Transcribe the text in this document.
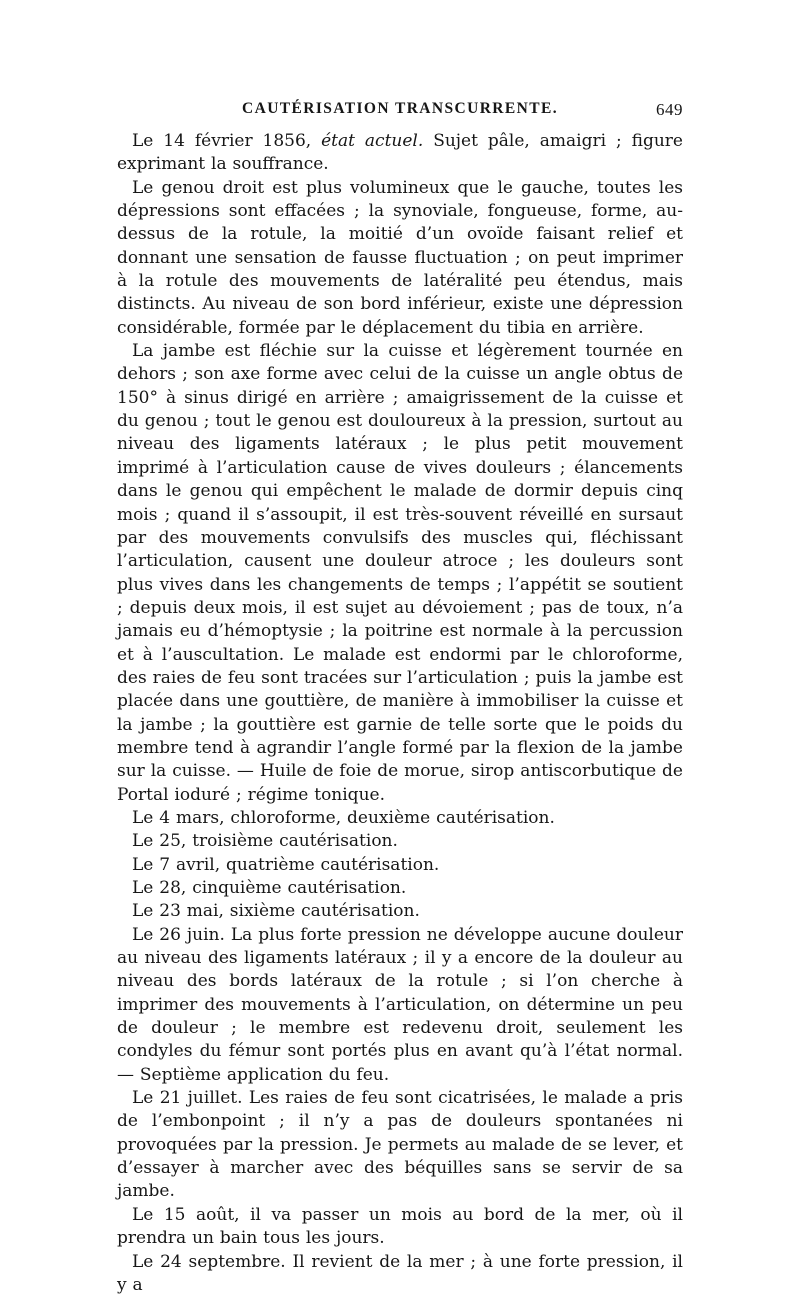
CAUTÉRISATION TRANSCURRENTE.	649

Le 14 février 1856, état actuel. Sujet pâle, amaigri ; figure exprimant la souffrance.

Le genou droit est plus volumineux que le gauche, toutes les dépressions sont effacées ; la synoviale, fongueuse, forme, au-dessus de la rotule, la moitié d’un ovoïde faisant relief et donnant une sensation de fausse fluctuation ; on peut imprimer à la rotule des mouvements de latéralité peu étendus, mais distincts. Au niveau de son bord inférieur, existe une dépression considérable, formée par le déplacement du tibia en arrière.

La jambe est fléchie sur la cuisse et légèrement tournée en dehors ; son axe forme avec celui de la cuisse un angle obtus de 150° à sinus dirigé en arrière ; amaigrissement de la cuisse et du genou ; tout le genou est douloureux à la pression, surtout au niveau des ligaments latéraux ; le plus petit mouvement imprimé à l’articulation cause de vives douleurs ; élancements dans le genou qui empêchent le malade de dormir depuis cinq mois ; quand il s’assoupit, il est très-souvent réveillé en sursaut par des mouvements convulsifs des muscles qui, fléchissant l’articulation, causent une douleur atroce ; les douleurs sont plus vives dans les changements de temps ; l’appétit se soutient ; depuis deux mois, il est sujet au dévoiement ; pas de toux, n’a jamais eu d’hémoptysie ; la poitrine est normale à la percussion et à l’auscultation. Le malade est endormi par le chloroforme, des raies de feu sont tracées sur l’articulation ; puis la jambe est placée dans une gouttière, de manière à immobiliser la cuisse et la jambe ; la gouttière est garnie de telle sorte que le poids du membre tend à agrandir l’angle formé par la flexion de la jambe sur la cuisse. — Huile de foie de morue, sirop antiscorbutique de Portal ioduré ; régime tonique.

Le 4 mars, chloroforme, deuxième cautérisation.

Le 25, troisième cautérisation.

Le 7 avril, quatrième cautérisation.

Le 28, cinquième cautérisation.

Le 23 mai, sixième cautérisation.

Le 26 juin. La plus forte pression ne développe aucune douleur au niveau des ligaments latéraux ; il y a encore de la douleur au niveau des bords latéraux de la rotule ; si l’on cherche à imprimer des mouvements à l’articulation, on détermine un peu de douleur ; le membre est redevenu droit, seulement les condyles du fémur sont portés plus en avant qu’à l’état normal. — Septième application du feu.

Le 21 juillet. Les raies de feu sont cicatrisées, le malade a pris de l’embonpoint ; il n’y a pas de douleurs spontanées ni provoquées par la pression. Je permets au malade de se lever, et d’essayer à marcher avec des béquilles sans se servir de sa jambe.

Le 15 août, il va passer un mois au bord de la mer, où il prendra un bain tous les jours.

Le 24 septembre. Il revient de la mer ; à une forte pression, il y a
